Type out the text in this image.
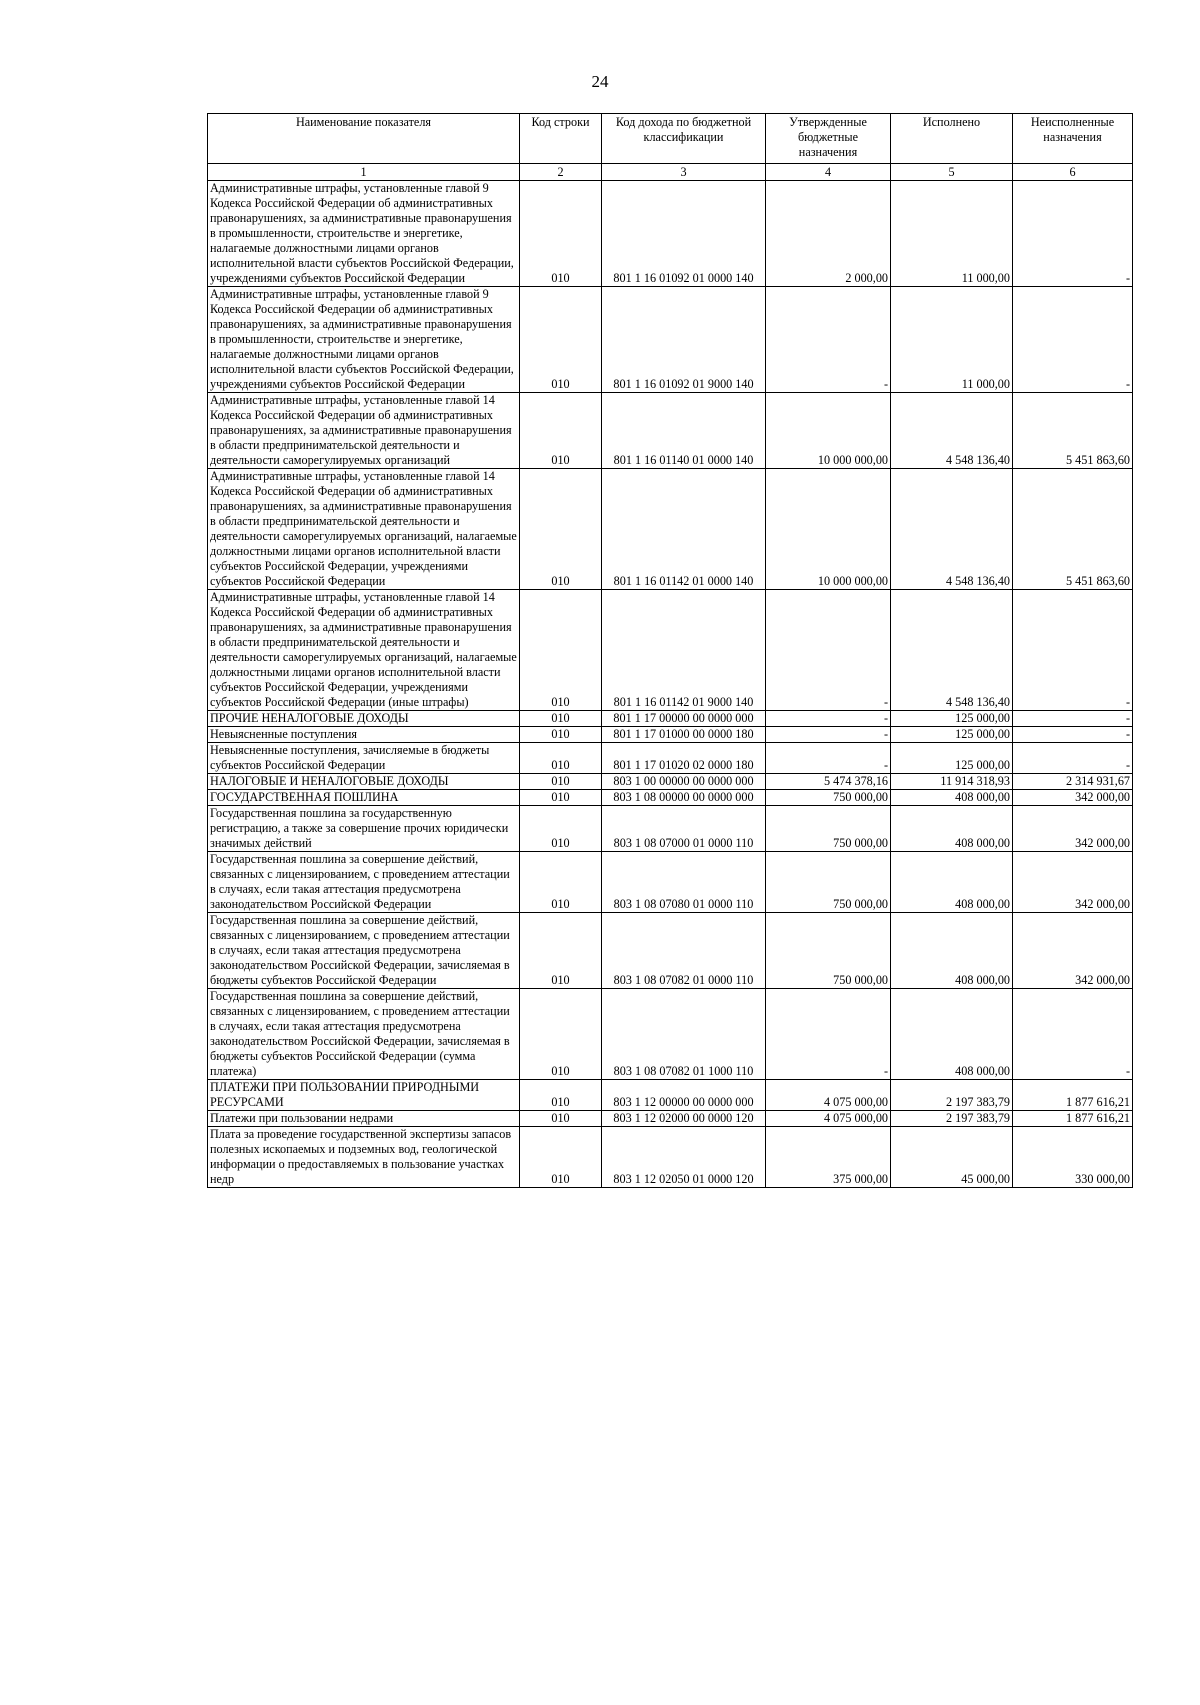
24
Наименование показателя	Код строки	Код дохода по бюджетной классификации	Утвержденные бюджетные назначения	Исполнено	Неисполненные назначения
1	2	3	4	5	6
Административные штрафы, установленные главой 9 Кодекса Российской Федерации об административных правонарушениях, за административные правонарушения в промышленности, строительстве и энергетике, налагаемые должностными лицами органов исполнительной власти субъектов Российской Федерации, учреждениями субъектов Российской Федерации	010	801 1 16 01092 01 0000 140	2 000,00	11 000,00	-
Административные штрафы, установленные главой 9 Кодекса Российской Федерации об административных правонарушениях, за административные правонарушения в промышленности, строительстве и энергетике, налагаемые должностными лицами органов исполнительной власти субъектов Российской Федерации, учреждениями субъектов Российской Федерации	010	801 1 16 01092 01 9000 140	-	11 000,00	-
Административные штрафы, установленные главой 14 Кодекса Российской Федерации об административных правонарушениях, за административные правонарушения в области предпринимательской деятельности и деятельности саморегулируемых организаций	010	801 1 16 01140 01 0000 140	10 000 000,00	4 548 136,40	5 451 863,60
Административные штрафы, установленные главой 14 Кодекса Российской Федерации об административных правонарушениях, за административные правонарушения в области предпринимательской деятельности и деятельности саморегулируемых организаций, налагаемые должностными лицами органов исполнительной власти субъектов Российской Федерации, учреждениями субъектов Российской Федерации	010	801 1 16 01142 01 0000 140	10 000 000,00	4 548 136,40	5 451 863,60
Административные штрафы, установленные главой 14 Кодекса Российской Федерации об административных правонарушениях, за административные правонарушения в области предпринимательской деятельности и деятельности саморегулируемых организаций, налагаемые должностными лицами органов исполнительной власти субъектов Российской Федерации, учреждениями субъектов Российской Федерации (иные штрафы)	010	801 1 16 01142 01 9000 140	-	4 548 136,40	-
ПРОЧИЕ НЕНАЛОГОВЫЕ ДОХОДЫ	010	801 1 17 00000 00 0000 000	-	125 000,00	-
Невыясненные поступления	010	801 1 17 01000 00 0000 180	-	125 000,00	-
Невыясненные поступления, зачисляемые в бюджеты субъектов Российской Федерации	010	801 1 17 01020 02 0000 180	-	125 000,00	-
НАЛОГОВЫЕ И НЕНАЛОГОВЫЕ ДОХОДЫ	010	803 1 00 00000 00 0000 000	5 474 378,16	11 914 318,93	2 314 931,67
ГОСУДАРСТВЕННАЯ ПОШЛИНА	010	803 1 08 00000 00 0000 000	750 000,00	408 000,00	342 000,00
Государственная пошлина за государственную регистрацию, а также за совершение прочих юридически значимых действий	010	803 1 08 07000 01 0000 110	750 000,00	408 000,00	342 000,00
Государственная пошлина за совершение действий, связанных с лицензированием, с проведением аттестации в случаях, если такая аттестация предусмотрена законодательством Российской Федерации	010	803 1 08 07080 01 0000 110	750 000,00	408 000,00	342 000,00
Государственная пошлина за совершение действий, связанных с лицензированием, с проведением аттестации в случаях, если такая аттестация предусмотрена законодательством Российской Федерации, зачисляемая в бюджеты субъектов Российской Федерации	010	803 1 08 07082 01 0000 110	750 000,00	408 000,00	342 000,00
Государственная пошлина за совершение действий, связанных с лицензированием, с проведением аттестации в случаях, если такая аттестация предусмотрена законодательством Российской Федерации, зачисляемая в бюджеты субъектов Российской Федерации (сумма платежа)	010	803 1 08 07082 01 1000 110	-	408 000,00	-
ПЛАТЕЖИ ПРИ ПОЛЬЗОВАНИИ ПРИРОДНЫМИ РЕСУРСАМИ	010	803 1 12 00000 00 0000 000	4 075 000,00	2 197 383,79	1 877 616,21
Платежи при пользовании недрами	010	803 1 12 02000 00 0000 120	4 075 000,00	2 197 383,79	1 877 616,21
Плата за проведение государственной экспертизы запасов полезных ископаемых и подземных вод, геологической информации о предоставляемых в пользование участках недр	010	803 1 12 02050 01 0000 120	375 000,00	45 000,00	330 000,00
